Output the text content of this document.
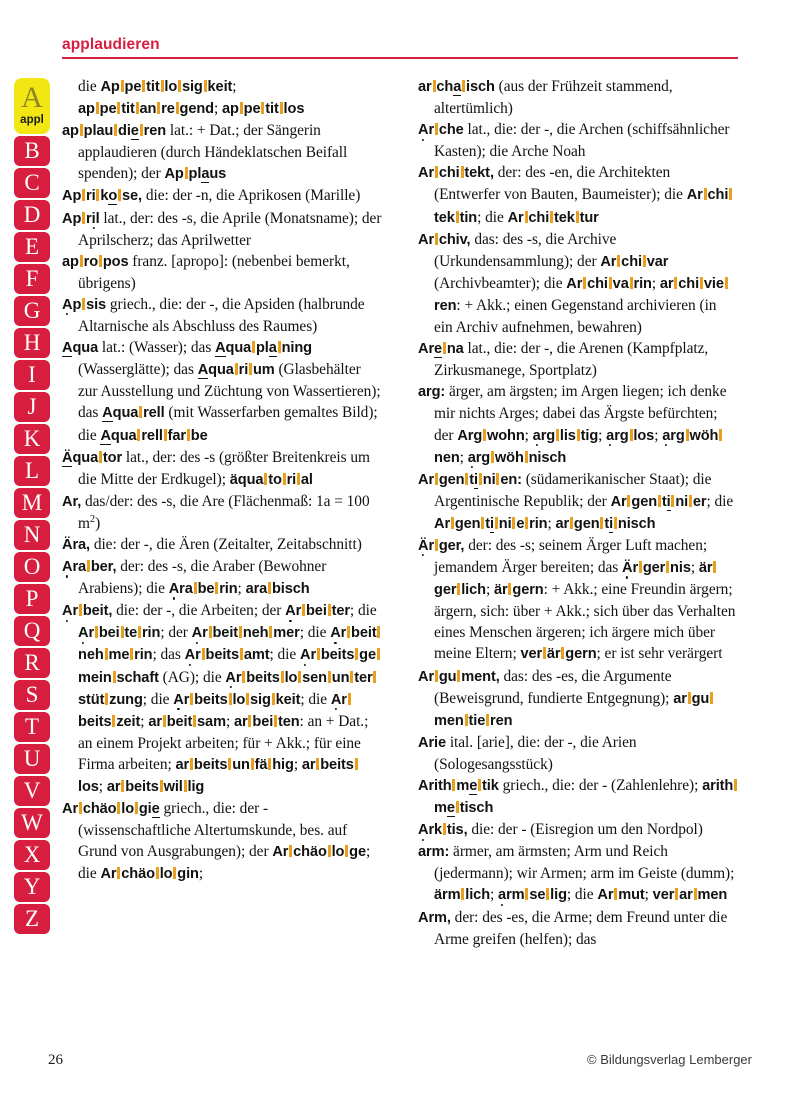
applaudieren
A
appl
B
C
D
E
F
G
H
I
J
K
L
M
N
O
P
Q
R
S
T
U
V
W
X
Y
Z

die Ap pe tit lo sig keit;

ap pe tit an re gend; ap pe tit los

ap plau die ren lat.: + Dat.; der Sängerin applaudieren (durch Händeklatschen Beifall spenden); der Ap plaus

Ap ri ko se, die: der -n, die Aprikosen (Marille)

Ap ril lat., der: des -s, die Aprile (Monatsname); der Aprilscherz; das Aprilwetter

ap ro pos franz. [apropo]: (nebenbei bemerkt, übrigens)

Ap sis griech., die: der -, die Apsiden (halbrunde Altarnische als Abschluss des Raumes)

Aqua lat.: (Wasser); das Aqua pla ning (Wasserglätte); das Aqua ri um (Glasbehälter zur Ausstellung und Züchtung von Wassertieren); das Aqua rell (mit Wasserfarben gemaltes Bild); die Aqua rell far be

Äqua tor lat., der: des -s (größter Breitenkreis um die Mitte der Erdkugel); äqua to ri al

Ar, das/der: des -s, die Are (Flächenmaß: 1a = 100 $m^2$)

Ära, die: der -, die Ären (Zeitalter, Zeitabschnitt)

Ara ber, der: des -s, die Araber (Bewohner Arabiens); die Ara be rin; ara bisch

Ar beit, die: der -, die Arbeiten; der Ar bei ter; die Ar bei te rin; der Ar beit neh mer; die Ar beitneh me rin; das Ar beits amt; die Ar beits gemein schaft (AG); die Ar beits lo sen un terstüt zung; die Ar beits lo sig keit; die Arbeits zeit; ar beit sam; ar bei ten: an + Dat.; an einem Projekt arbeiten; für + Akk.; für eine Firma arbeiten; ar beits un fä hig; ar beitslos; ar beits wil lig

Ar chäo lo gie griech., die: der - (wissenschaftliche Altertumskunde, bes. auf Grund von Ausgrabungen); der Ar chäo lo ge; die Ar chäo lo gin;

ar cha isch (aus der Frühzeit stammend, altertümlich)

Ar che lat., die: der -, die Archen (schiffsähnlicher Kasten); die Arche Noah

Ar chi tekt, der: des -en, die Architekten (Entwerfer von Bauten, Baumeister); die Ar chitek tin; die Ar chi tek tur

Ar chiv, das: des -s, die Archive (Urkundensammlung); der Ar chi var (Archivbeamter); die Ar chi va rin; ar chi vieren: + Akk.; einen Gegenstand archivieren (in ein Archiv aufnehmen, bewahren)

Are na lat., die: der -, die Arenen (Kampfplatz, Zirkusmanege, Sportplatz)

arg: ärger, am ärgsten; im Argen liegen; ich denke mir nichts Arges; dabei das Ärgste befürchten; der Arg wohn; arg lis tig; arg los; arg wöhnen; arg wöh nisch

Ar gen ti ni en: (südamerikanischer Staat); die Argentinische Republik; der Ar gen ti ni er; die Ar gen ti ni e rin; ar gen ti nisch

Är ger, der: des -s; seinem Ärger Luft machen; jemandem Ärger bereiten; das Är ger nis; ärger lich; är gern: + Akk.; eine Freundin ärgern; ärgern, sich: über + Akk.; sich über das Verhalten eines Menschen ärgeren; ich ärgere mich über meine Eltern; ver är gern; er ist sehr verärgert

Ar gu ment, das: des -es, die Argumente (Beweisgrund, fundierte Entgegnung); ar gumen tie ren

Arie ital. [arie], die: der -, die Arien (Sologesangsstück)

Arith me tik griech., die: der - (Zahlenlehre); arithme tisch

Ark tis, die: der - (Eisregion um den Nordpol)

arm: ärmer, am ärmsten; Arm und Reich (jedermann); wir Armen; arm im Geiste (dumm); ärm lich; arm se lig; die Ar mut; ver ar men

Arm, der: des -es, die Arme; dem Freund unter die Arme greifen (helfen); das

26	© Bildungsverlag Lemberger
